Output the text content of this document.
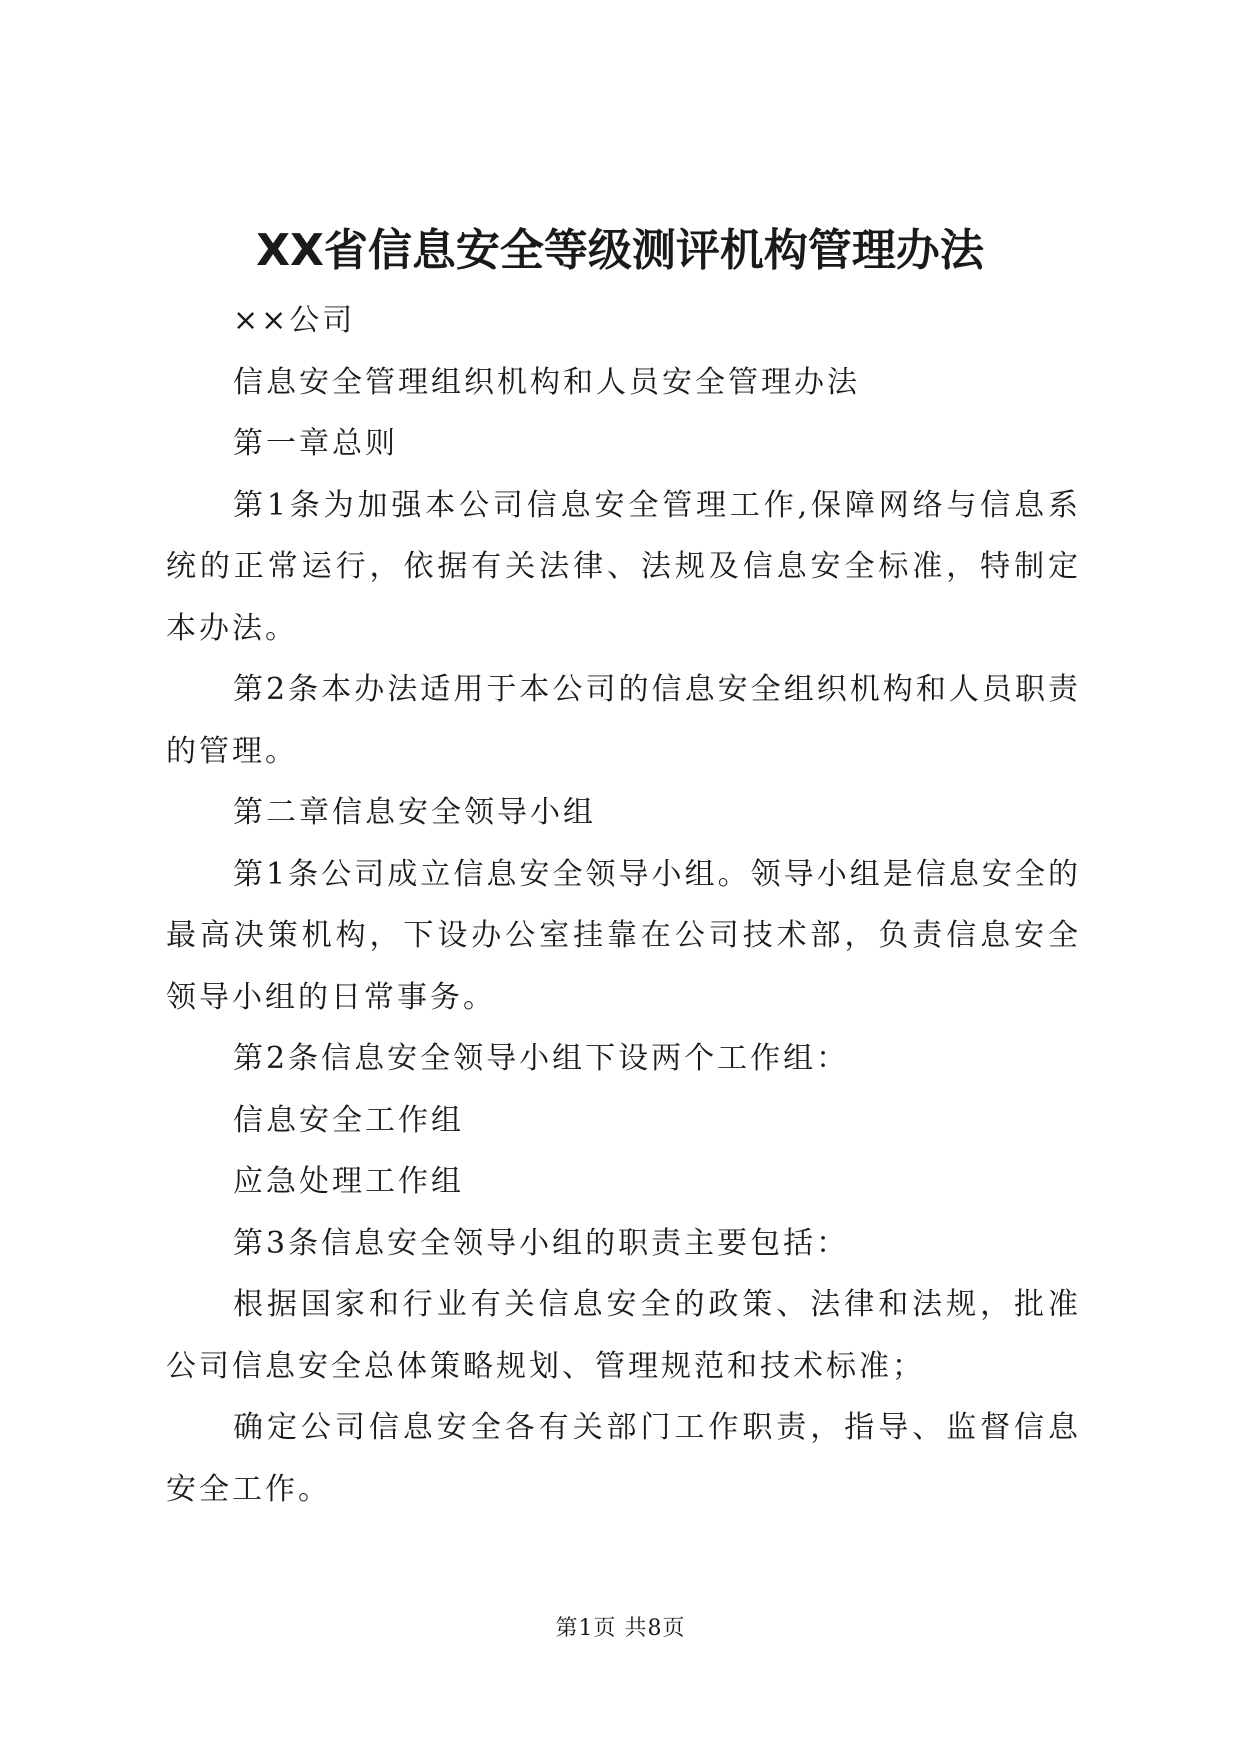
XX省信息安全等级测评机构管理办法

××公司

信息安全管理组织机构和人员安全管理办法

第一章总则

第1条为加强本公司信息安全管理工作,保障网络与信息系统的正常运行，依据有关法律、法规及信息安全标准，特制定本办法。

第2条本办法适用于本公司的信息安全组织机构和人员职责的管理。

第二章信息安全领导小组

第1条公司成立信息安全领导小组。领导小组是信息安全的最高决策机构，下设办公室挂靠在公司技术部，负责信息安全领导小组的日常事务。

第2条信息安全领导小组下设两个工作组：

信息安全工作组

应急处理工作组

第3条信息安全领导小组的职责主要包括：

根据国家和行业有关信息安全的政策、法律和法规，批准公司信息安全总体策略规划、管理规范和技术标准；

确定公司信息安全各有关部门工作职责，指导、监督信息安全工作。

第1页 共8页
